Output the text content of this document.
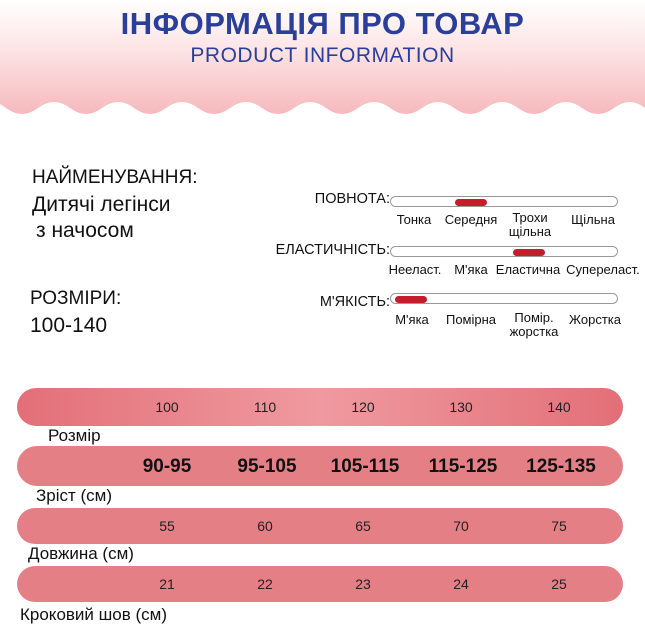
ІНФОРМАЦІЯ ПРО ТОВАР
PRODUCT INFORMATION
НАЙМЕНУВАННЯ:
Дитячі легінси
з начосом
РОЗМІРИ:
100-140
ПОВНОТА:
Тонка	Середня	Трохи
щільна
Щільна
ЕЛАСТИЧНІСТЬ:
Нееласт. М'яка Еластична Супереласт.
М'ЯКІСТЬ:
М'яка	Помірна	Помір.
жорстка
Жорстка
100	110	120	130	140
Розмір
90-95	95-105	105-115	115-125	125-135
Зріст (см)
55	60	65	70	75
Довжина (см)
21	22	23	24	25
Кроковий шов (см)
